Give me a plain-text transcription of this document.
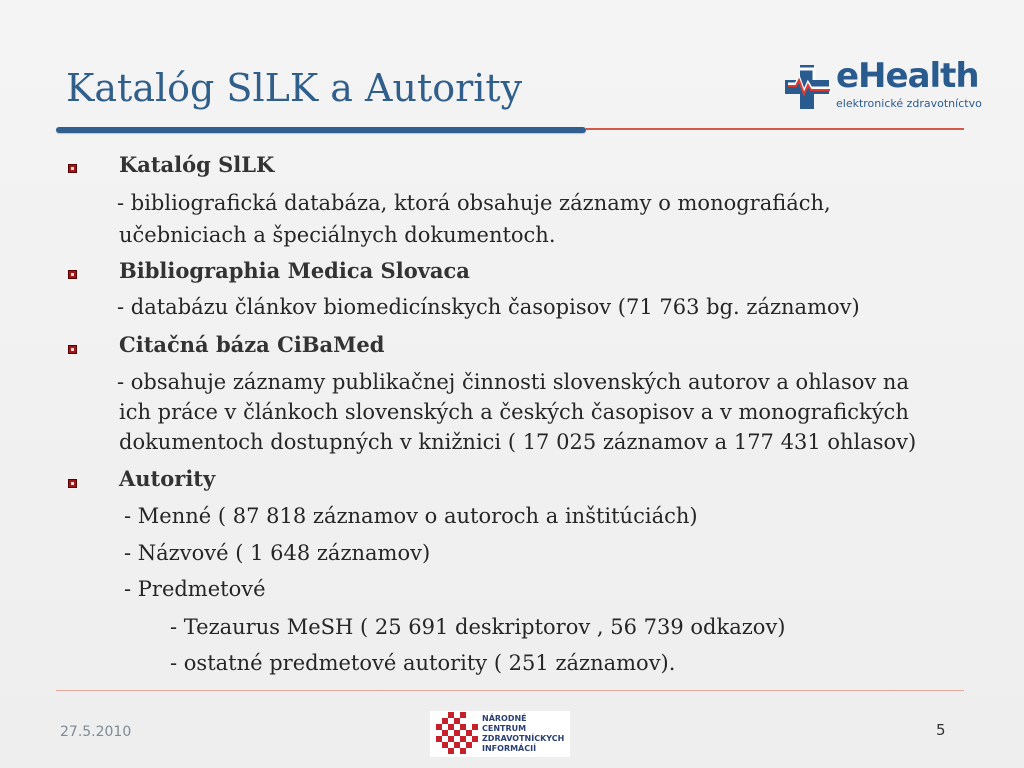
Katalóg SlLK a Autority	eHealth
elektronické zdravotníctvo
Katalóg SlLK
- bibliografická databáza, ktorá obsahuje záznamy o monografiách,
učebniciach a špeciálnych dokumentoch.
Bibliographia Medica Slovaca
- databázu článkov biomedicínskych časopisov (71 763 bg. záznamov)
Citačná báza CiBaMed
- obsahuje záznamy publikačnej činnosti slovenských autorov a ohlasov na
ich práce v článkoch slovenských a českých časopisov a v monografických
dokumentoch dostupných v knižnici ( 17 025 záznamov a 177 431 ohlasov)
Autority
- Menné ( 87 818 záznamov o autoroch a inštitúciách)
- Názvové ( 1 648 záznamov)
- Predmetové
- Tezaurus MeSH ( 25 691 deskriptorov , 56 739 odkazov)
- ostatné predmetové autority ( 251 záznamov).
27.5.2010
NÁRODNÉ
CENTRUM
ZDRAVOTNÍCKYCH
INFORMÁCIÍ
5
